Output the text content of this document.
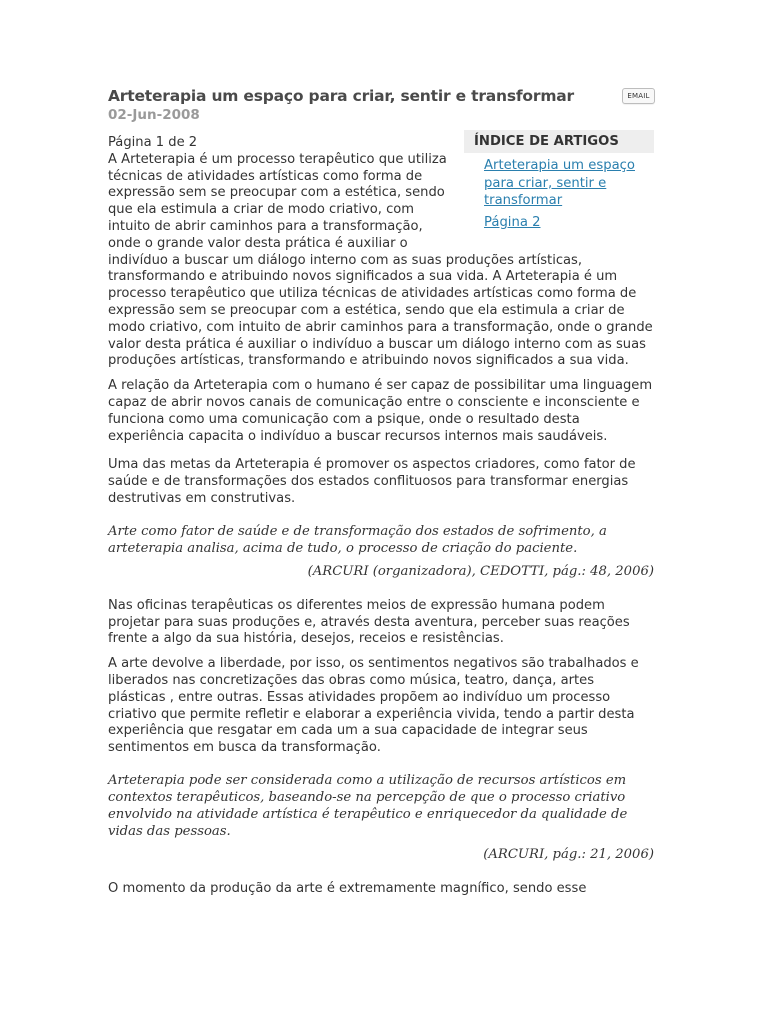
EMAIL
Arteterapia um espaço para criar, sentir e transformar
02-Jun-2008
ÍNDICE DE ARTIGOS
Arteterapia um espaço para criar, sentir e transformar
Página 2
Página 1 de 2

A Arteterapia é um processo terapêutico que utiliza técnicas de atividades artísticas como forma de expressão sem se preocupar com a estética, sendo que ela estimula a criar de modo criativo, com intuito de abrir caminhos para a transformação, onde o grande valor desta prática é auxiliar o indivíduo a buscar um diálogo interno com as suas produções artísticas, transformando e atribuindo novos significados a sua vida. A Arteterapia é um processo terapêutico que utiliza técnicas de atividades artísticas como forma de expressão sem se preocupar com a estética, sendo que ela estimula a criar de modo criativo, com intuito de abrir caminhos para a transformação, onde o grande valor desta prática é auxiliar o indivíduo a buscar um diálogo interno com as suas produções artísticas, transformando e atribuindo novos significados a sua vida.

A relação da Arteterapia com o humano é ser capaz de possibilitar uma linguagem capaz de abrir novos canais de comunicação entre o consciente e inconsciente e funciona como uma comunicação com a psique, onde o resultado desta experiência capacita o indivíduo a buscar recursos internos mais saudáveis.

Uma das metas da Arteterapia é promover os aspectos criadores, como fator de saúde e de transformações dos estados conflituosos para transformar energias destrutivas em construtivas.

Arte como fator de saúde e de transformação dos estados de sofrimento, a arteterapia analisa, acima de tudo, o processo de criação do paciente.
(ARCURI (organizadora), CEDOTTI, pág.: 48, 2006)

Nas oficinas terapêuticas os diferentes meios de expressão humana podem projetar para suas produções e, através desta aventura, perceber suas reações frente a algo da sua história, desejos, receios e resistências.

A arte devolve a liberdade, por isso, os sentimentos negativos são trabalhados e liberados nas concretizações das obras como música, teatro, dança, artes plásticas , entre outras. Essas atividades propõem ao indivíduo um processo criativo que permite refletir e elaborar a experiência vivida, tendo a partir desta experiência que resgatar em cada um a sua capacidade de integrar seus sentimentos em busca da transformação.

Arteterapia pode ser considerada como a utilização de recursos artísticos em contextos terapêuticos, baseando-se na percepção de que o processo criativo envolvido na atividade artística é terapêutico e enriquecedor da qualidade de vidas das pessoas.
(ARCURI, pág.: 21, 2006)

O momento da produção da arte é extremamente magnífico, sendo esse
